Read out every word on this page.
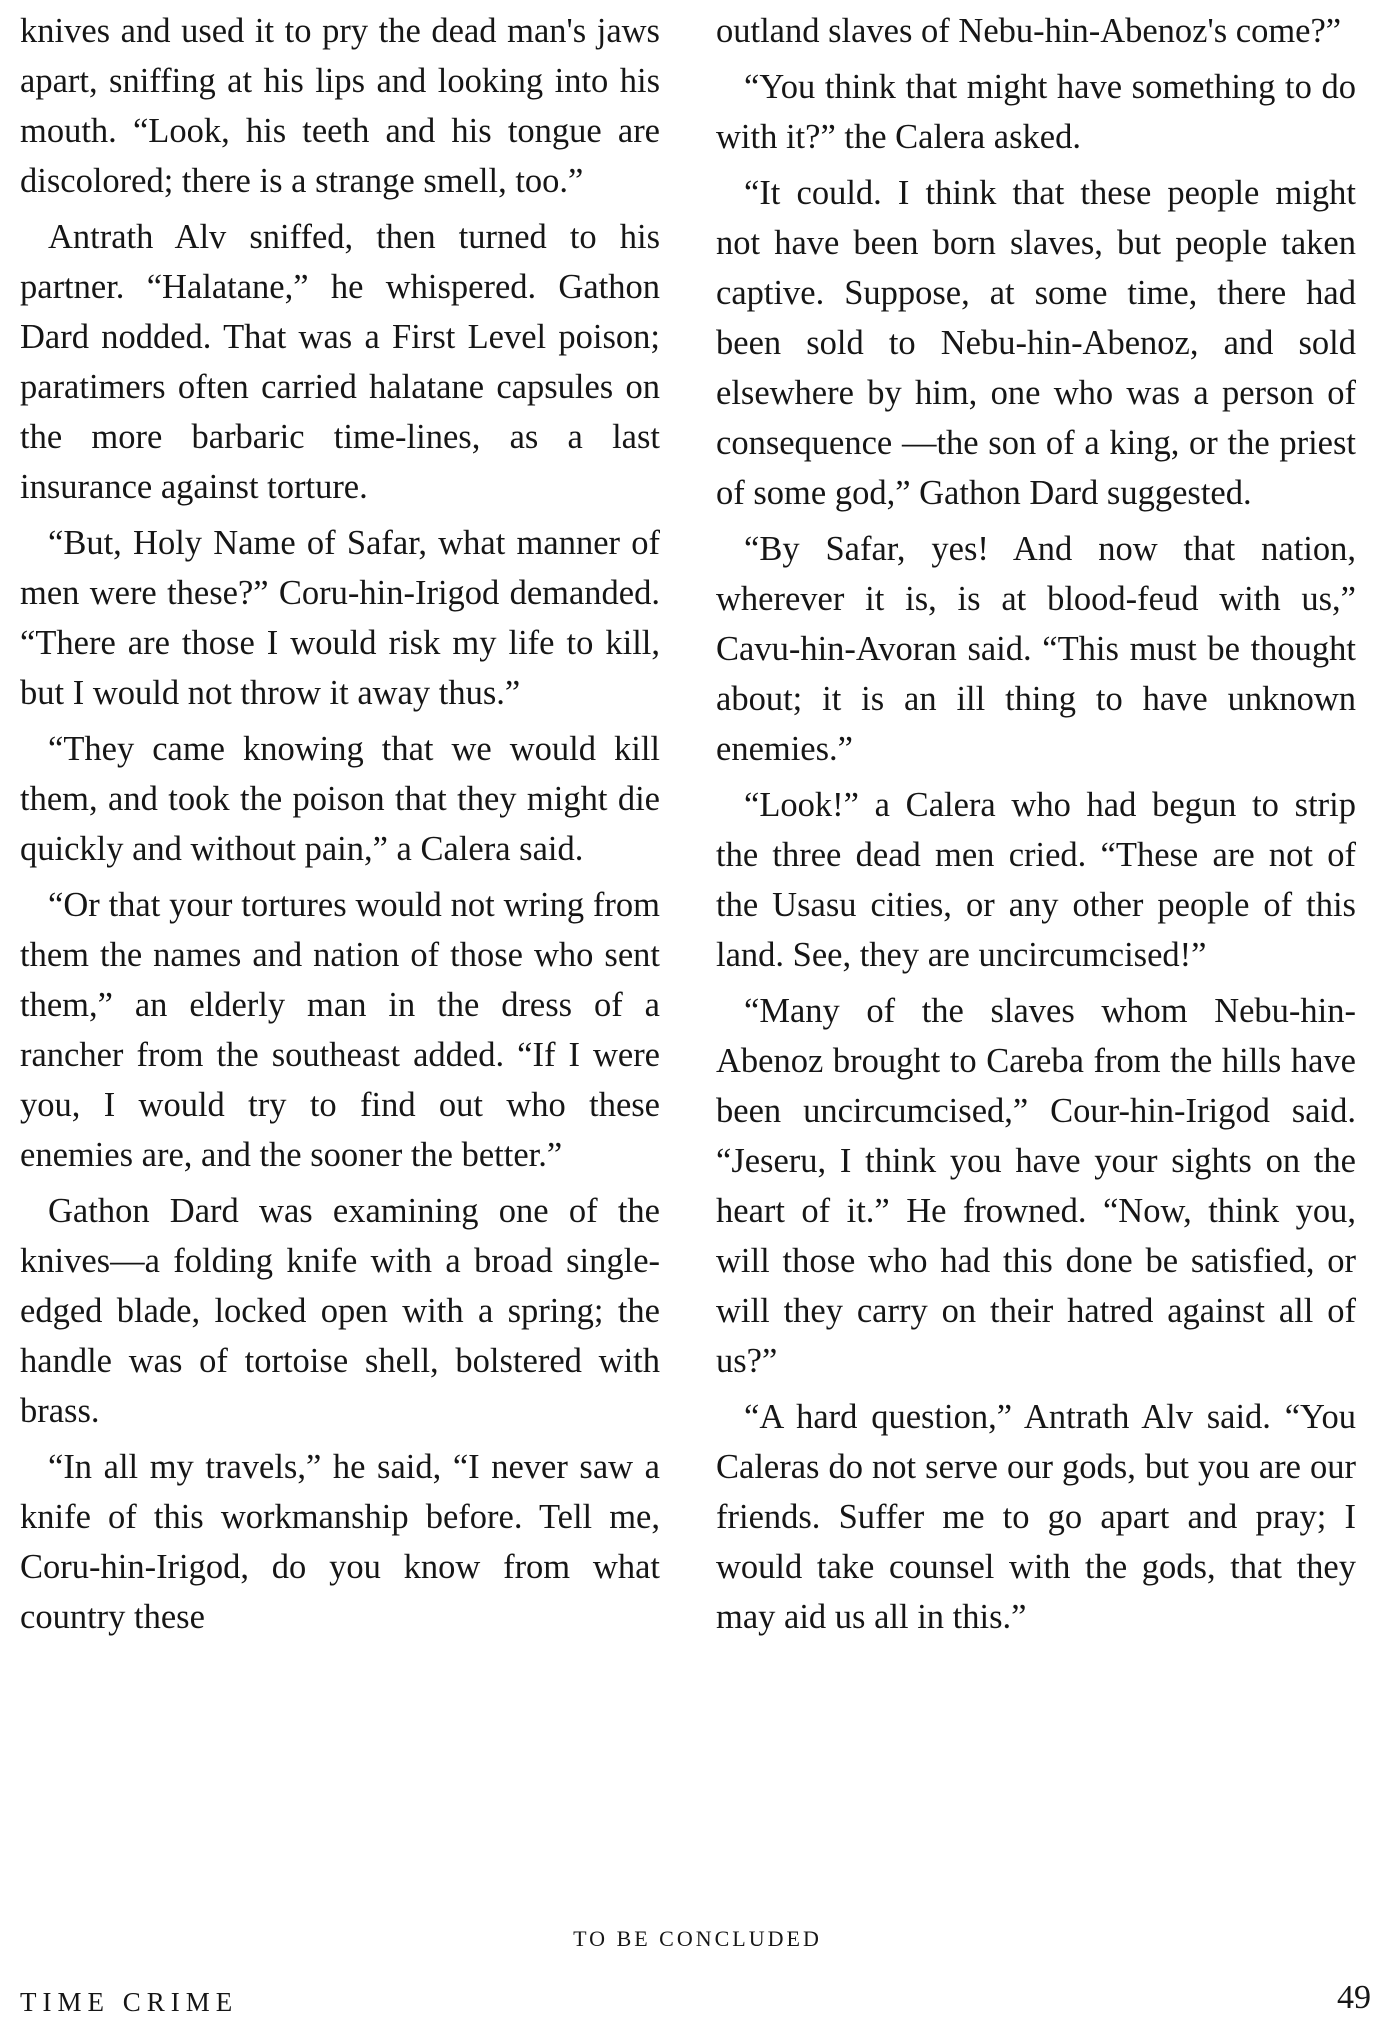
knives and used it to pry the dead man's jaws apart, sniffing at his lips and looking into his mouth. “Look, his teeth and his tongue are discolored; there is a strange smell, too.”

Antrath Alv sniffed, then turned to his partner. “Halatane,” he whispered. Gathon Dard nodded. That was a First Level poison; paratimers often carried halatane capsules on the more barbaric time-lines, as a last insurance against torture.

“But, Holy Name of Safar, what manner of men were these?” Coru-hin-Irigod demanded. “There are those I would risk my life to kill, but I would not throw it away thus.”

“They came knowing that we would kill them, and took the poison that they might die quickly and without pain,” a Calera said.

“Or that your tortures would not wring from them the names and nation of those who sent them,” an elderly man in the dress of a rancher from the southeast added. “If I were you, I would try to find out who these enemies are, and the sooner the better.”

Gathon Dard was examining one of the knives—a folding knife with a broad single-edged blade, locked open with a spring; the handle was of tortoise shell, bolstered with brass.

“In all my travels,” he said, “I never saw a knife of this workmanship before. Tell me, Coru-hin-Irigod, do you know from what country these

outland slaves of Nebu-hin-Abenoz's come?”

“You think that might have something to do with it?” the Calera asked.

“It could. I think that these people might not have been born slaves, but people taken captive. Suppose, at some time, there had been sold to Nebu-hin-Abenoz, and sold elsewhere by him, one who was a person of consequence —the son of a king, or the priest of some god,” Gathon Dard suggested.

“By Safar, yes! And now that nation, wherever it is, is at blood-feud with us,” Cavu-hin-Avoran said. “This must be thought about; it is an ill thing to have unknown enemies.”

“Look!” a Calera who had begun to strip the three dead men cried. “These are not of the Usasu cities, or any other people of this land. See, they are uncircumcised!”

“Many of the slaves whom Nebu-hin-Abenoz brought to Careba from the hills have been uncircumcised,” Cour-hin-Irigod said. “Jeseru, I think you have your sights on the heart of it.” He frowned. “Now, think you, will those who had this done be satisfied, or will they carry on their hatred against all of us?”

“A hard question,” Antrath Alv said. “You Caleras do not serve our gods, but you are our friends. Suffer me to go apart and pray; I would take counsel with the gods, that they may aid us all in this.”

TO BE CONCLUDED
TIME CRIME	49
